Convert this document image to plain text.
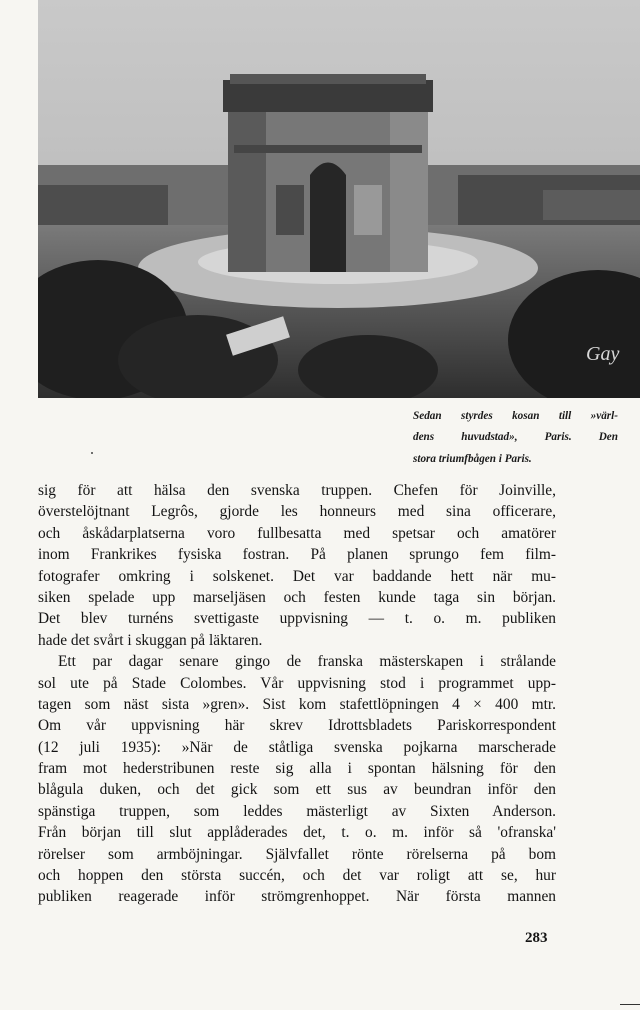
Gay
Sedan styrdes kosan till »värl-
dens huvudstad», Paris. Den
stora triumfbågen i Paris.
sig för att hälsa den svenska truppen. Chefen för Joinville,
överstelöjtnant Legrôs, gjorde les honneurs med sina officerare,
och åskådarplatserna voro fullbesatta med spetsar och amatörer
inom Frankrikes fysiska fostran. På planen sprungo fem film-
fotografer omkring i solskenet. Det var baddande hett när mu-
siken spelade upp marseljäsen och festen kunde taga sin början.
Det blev turnéns svettigaste uppvisning — t. o. m. publiken
hade det svårt i skuggan på läktaren.
Ett par dagar senare gingo de franska mästerskapen i strålande
sol ute på Stade Colombes. Vår uppvisning stod i programmet upp-
tagen som näst sista »gren». Sist kom stafettlöpningen 4 × 400 mtr.
Om vår uppvisning här skrev Idrottsbladets Pariskorrespondent
(12 juli 1935): »När de ståtliga svenska pojkarna marscherade
fram mot hederstribunen reste sig alla i spontan hälsning för den
blågula duken, och det gick som ett sus av beundran inför den
spänstiga truppen, som leddes mästerligt av Sixten Anderson.
Från början till slut applåderades det, t. o. m. inför så 'ofranska'
rörelser som armböjningar. Självfallet rönte rörelserna på bom
och hoppen den största succén, och det var roligt att se, hur
publiken reagerade inför strömgrenhoppet. När första mannen
283
